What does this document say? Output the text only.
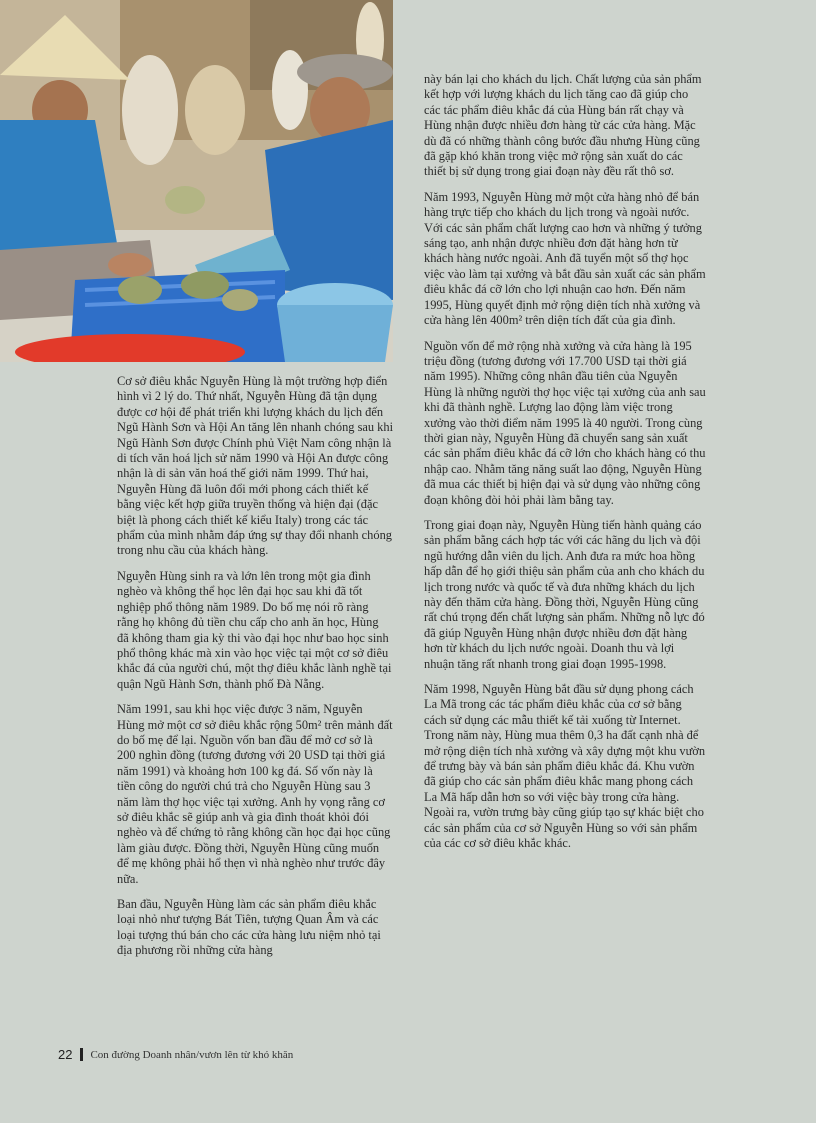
Cơ sở điêu khắc Nguyễn Hùng là một trường hợp điển hình vì 2 lý do. Thứ nhất, Nguyễn Hùng đã tận dụng được cơ hội để phát triển khi lượng khách du lịch đến Ngũ Hành Sơn và Hội An tăng lên nhanh chóng sau khi Ngũ Hành Sơn được Chính phủ Việt Nam công nhận là di tích văn hoá lịch sử năm 1990 và Hội An được công nhận là di sản văn hoá thế giới năm 1999. Thứ hai, Nguyễn Hùng đã luôn đổi mới phong cách thiết kế bằng việc kết hợp giữa truyền thống và hiện đại (đặc biệt là phong cách thiết kế kiểu Italy) trong các tác phẩm của mình nhằm đáp ứng sự thay đổi nhanh chóng trong nhu cầu của khách hàng.

Nguyễn Hùng sinh ra và lớn lên trong một gia đình nghèo và không thể học lên đại học sau khi đã tốt nghiệp phổ thông năm 1989. Do bố mẹ nói rõ ràng rằng họ không đủ tiền chu cấp cho anh ăn học, Hùng đã không tham gia kỳ thi vào đại học như bao học sinh phổ thông khác mà xin vào học việc tại một cơ sở điêu khắc đá của người chú, một thợ điêu khắc lành nghề tại quận Ngũ Hành Sơn, thành phố Đà Nẵng.

Năm 1991, sau khi học việc được 3 năm, Nguyễn Hùng mở một cơ sở điêu khắc rộng 50m² trên mảnh đất do bố mẹ để lại. Nguồn vốn ban đầu để mở cơ sở là 200 nghìn đồng (tương đương với 20 USD tại thời giá năm 1991) và khoảng hơn 100 kg đá. Số vốn này là tiền công do người chú trả cho Nguyễn Hùng sau 3 năm làm thợ học việc tại xưởng. Anh hy vọng rằng cơ sở điêu khắc sẽ giúp anh và gia đình thoát khỏi đói nghèo và để chứng tỏ rằng không cần học đại học cũng làm giàu được. Đồng thời, Nguyễn Hùng cũng muốn để mẹ không phải hổ thẹn vì nhà nghèo như trước đây nữa.

Ban đầu, Nguyễn Hùng làm các sản phẩm điêu khắc loại nhỏ như tượng Bát Tiên, tượng Quan Âm và các loại tượng thú bán cho các cửa hàng lưu niệm nhỏ tại địa phương rồi những cửa hàng

này bán lại cho khách du lịch. Chất lượng của sản phẩm kết hợp với lượng khách du lịch tăng cao đã giúp cho các tác phẩm điêu khắc đá của Hùng bán rất chạy và Hùng nhận được nhiều đơn hàng từ các cửa hàng. Mặc dù đã có những thành công bước đầu nhưng Hùng cũng đã gặp khó khăn trong việc mở rộng sản xuất do các thiết bị sử dụng trong giai đoạn này đều rất thô sơ.

Năm 1993, Nguyễn Hùng mở một cửa hàng nhỏ để bán hàng trực tiếp cho khách du lịch trong và ngoài nước. Với các sản phẩm chất lượng cao hơn và những ý tưởng sáng tạo, anh nhận được nhiều đơn đặt hàng hơn từ khách hàng nước ngoài. Anh đã tuyển một số thợ học việc vào làm tại xưởng và bắt đầu sản xuất các sản phẩm điêu khắc đá cỡ lớn cho lợi nhuận cao hơn. Đến năm 1995, Hùng quyết định mở rộng diện tích nhà xưởng và cửa hàng lên 400m² trên diện tích đất của gia đình.

Nguồn vốn để mở rộng nhà xưởng và cửa hàng là 195 triệu đồng (tương đương với 17.700 USD tại thời giá năm 1995). Những công nhân đầu tiên của Nguyễn Hùng là những người thợ học việc tại xưởng của anh sau khi đã thành nghề. Lượng lao động làm việc trong xưởng vào thời điểm năm 1995 là 40 người. Trong cùng thời gian này, Nguyễn Hùng đã chuyển sang sản xuất các sản phẩm điêu khắc đá cỡ lớn cho khách hàng có thu nhập cao. Nhằm tăng năng suất lao động, Nguyễn Hùng đã mua các thiết bị hiện đại và sử dụng vào những công đoạn không đòi hỏi phải làm bằng tay.

Trong giai đoạn này, Nguyễn Hùng tiến hành quảng cáo sản phẩm bằng cách hợp tác với các hãng du lịch và đội ngũ hướng dẫn viên du lịch. Anh đưa ra mức hoa hồng hấp dẫn để họ giới thiệu sản phẩm của anh cho khách du lịch trong nước và quốc tế và đưa những khách du lịch này đến thăm cửa hàng. Đồng thời, Nguyễn Hùng cũng rất chú trọng đến chất lượng sản phẩm. Những nỗ lực đó đã giúp Nguyễn Hùng nhận được nhiều đơn đặt hàng hơn từ khách du lịch nước ngoài. Doanh thu và lợi nhuận tăng rất nhanh trong giai đoạn 1995-1998.

Năm 1998, Nguyễn Hùng bắt đầu sử dụng phong cách La Mã trong các tác phẩm điêu khắc của cơ sở bằng cách sử dụng các mẫu thiết kế tải xuống từ Internet. Trong năm này, Hùng mua thêm 0,3 ha đất cạnh nhà để mở rộng diện tích nhà xưởng và xây dựng một khu vườn để trưng bày và bán sản phẩm điêu khắc đá. Khu vườn đã giúp cho các sản phẩm điêu khắc mang phong cách La Mã hấp dẫn hơn so với việc bày trong cửa hàng. Ngoài ra, vườn trưng bày cũng giúp tạo sự khác biệt cho các sản phẩm của cơ sở Nguyễn Hùng so với sản phẩm của các cơ sở điêu khắc khác.

22 Con đường Doanh nhân/vươn lên từ khó khăn
